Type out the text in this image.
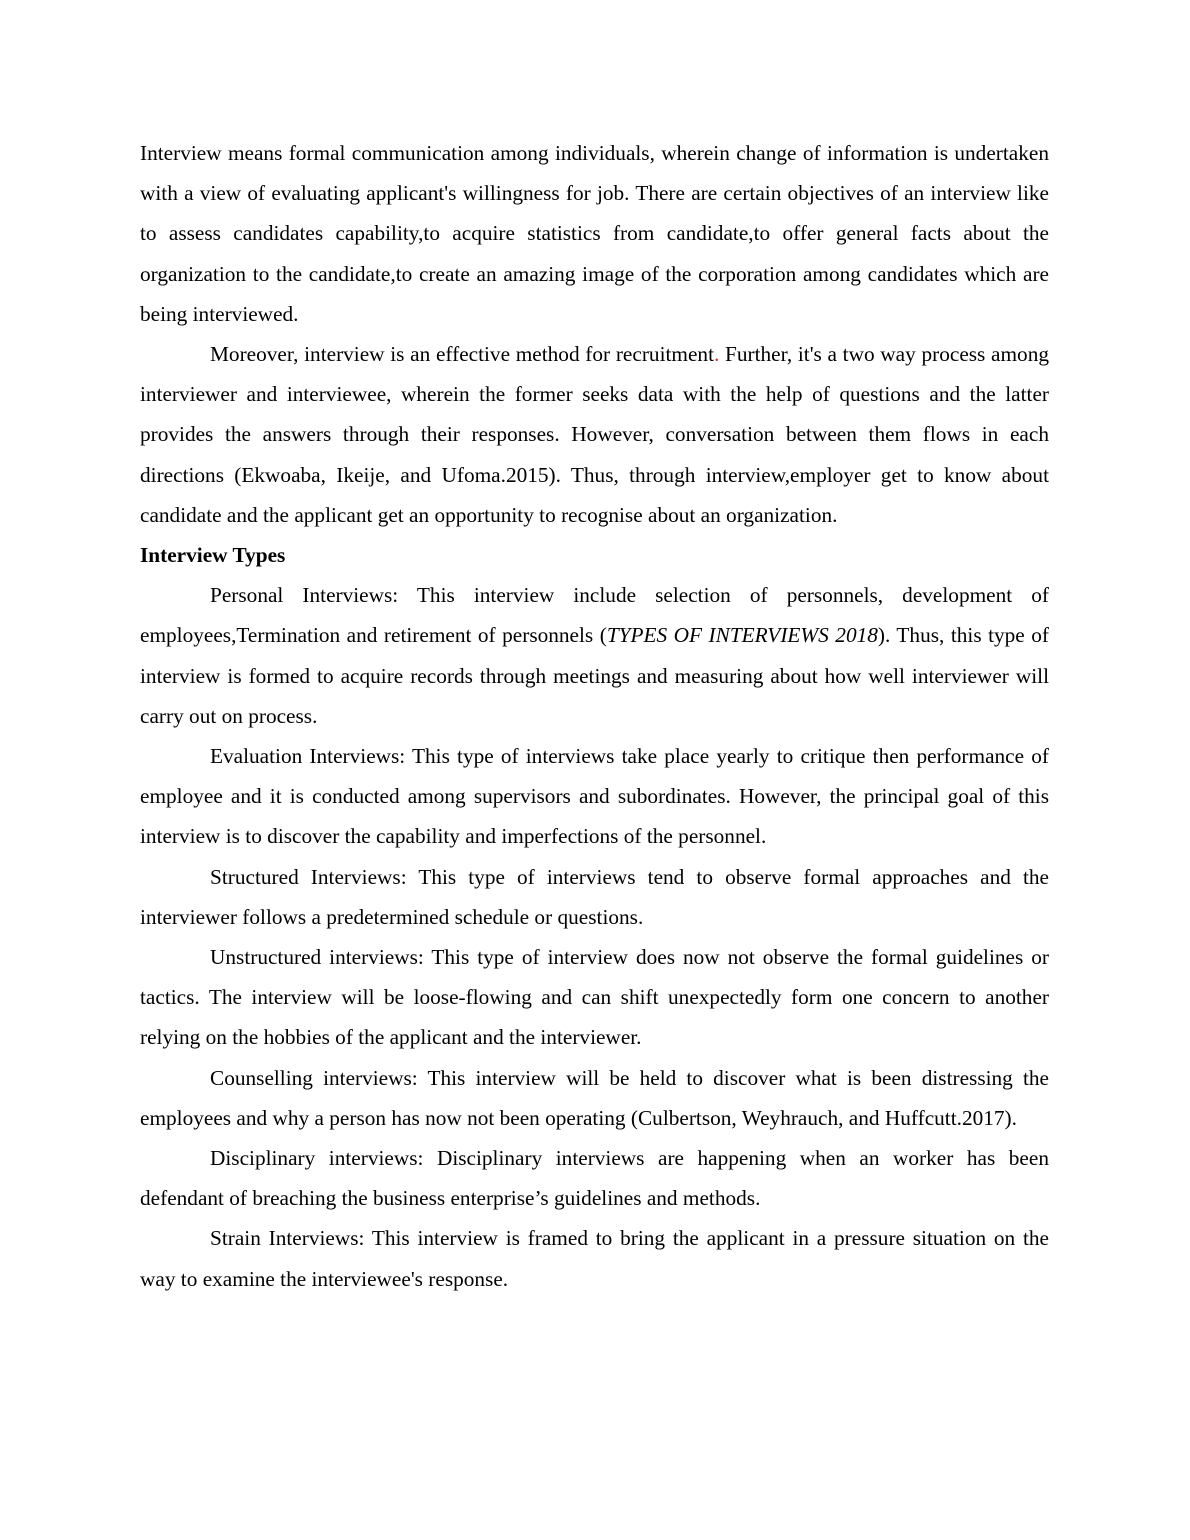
Interview means formal communication among individuals, wherein change of information is undertaken with a view of evaluating applicant's willingness for job. There are certain objectives of an interview like to assess candidates capability,to acquire statistics from candidate,to offer general facts about the organization to the candidate,to create an amazing image of the corporation among candidates which are being interviewed.

Moreover, interview is an effective method for recruitment. Further, it's a two way process among interviewer and interviewee, wherein the former seeks data with the help of questions and the latter provides the answers through their responses. However, conversation between them flows in each directions (Ekwoaba, Ikeije, and Ufoma.2015). Thus, through interview,employer get to know about candidate and the applicant get an opportunity to recognise about an organization.

Interview Types

Personal Interviews: This interview include selection of personnels, development of employees,Termination and retirement of personnels (TYPES OF INTERVIEWS 2018). Thus, this type of interview is formed to acquire records through meetings and measuring about how well interviewer will carry out on process.

Evaluation Interviews: This type of interviews take place yearly to critique then performance of employee and it is conducted among supervisors and subordinates. However, the principal goal of this interview is to discover the capability and imperfections of the personnel.

Structured Interviews: This type of interviews tend to observe formal approaches and the interviewer follows a predetermined schedule or questions.

Unstructured interviews: This type of interview does now not observe the formal guidelines or tactics. The interview will be loose-flowing and can shift unexpectedly form one concern to another relying on the hobbies of the applicant and the interviewer.

Counselling interviews: This interview will be held to discover what is been distressing the employees and why a person has now not been operating (Culbertson, Weyhrauch, and Huffcutt.2017).

Disciplinary interviews: Disciplinary interviews are happening when an worker has been defendant of breaching the business enterprise’s guidelines and methods.

Strain Interviews: This interview is framed to bring the applicant in a pressure situation on the way to examine the interviewee's response.
